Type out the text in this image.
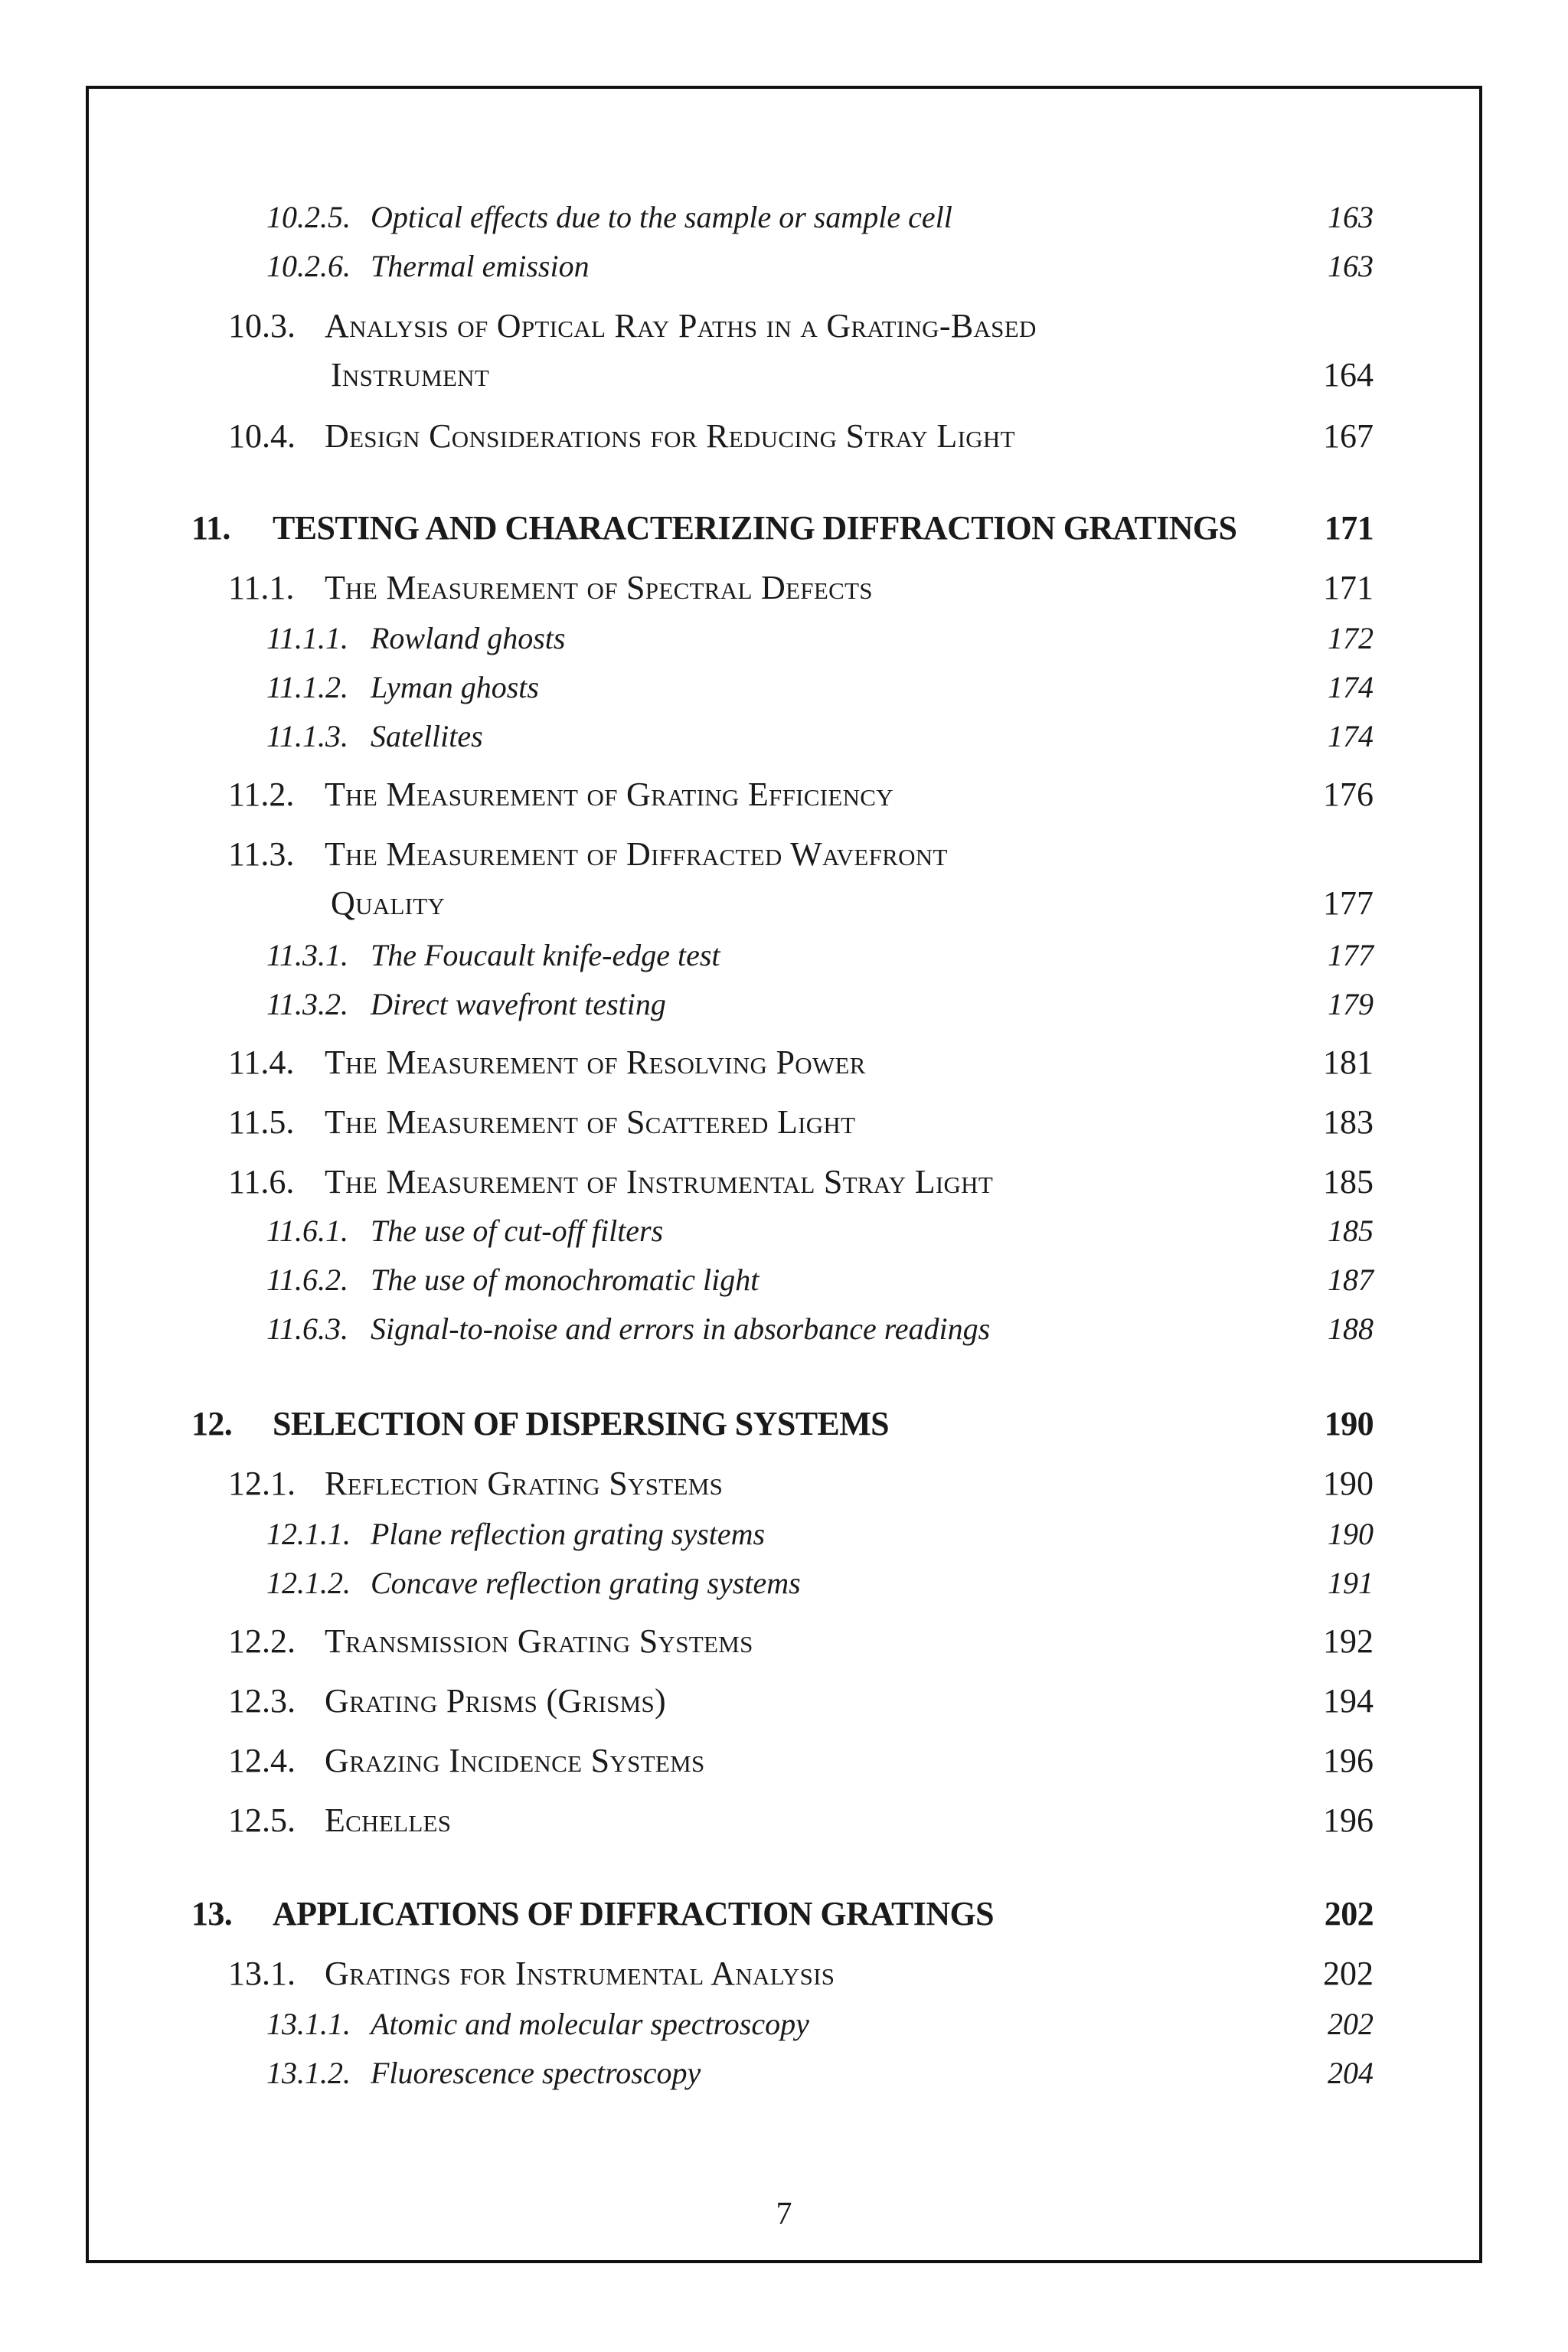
10.2.5. Optical effects due to the sample or sample cell	163
10.2.6. Thermal emission	163
10.3. Analysis of Optical Ray Paths in a Grating-Based
Instrument	164
10.4. Design Considerations for Reducing Stray Light	167
11. TESTING AND CHARACTERIZING DIFFRACTION GRATINGS	171
11.1. The Measurement of Spectral Defects	171
11.1.1. Rowland ghosts	172
11.1.2. Lyman ghosts	174
11.1.3. Satellites	174
11.2. The Measurement of Grating Efficiency	176
11.3. The Measurement of Diffracted Wavefront
Quality	177
11.3.1. The Foucault knife-edge test	177
11.3.2. Direct wavefront testing	179
11.4. The Measurement of Resolving Power	181
11.5. The Measurement of Scattered Light	183
11.6. The Measurement of Instrumental Stray Light	185
11.6.1. The use of cut-off filters	185
11.6.2. The use of monochromatic light	187
11.6.3. Signal-to-noise and errors in absorbance readings	188
12. SELECTION OF DISPERSING SYSTEMS	190
12.1. Reflection Grating Systems	190
12.1.1. Plane reflection grating systems	190
12.1.2. Concave reflection grating systems	191
12.2. Transmission Grating Systems	192
12.3. Grating Prisms (Grisms)	194
12.4. Grazing Incidence Systems	196
12.5. Echelles	196
13. APPLICATIONS OF DIFFRACTION GRATINGS	202
13.1. Gratings for Instrumental Analysis	202
13.1.1. Atomic and molecular spectroscopy	202
13.1.2. Fluorescence spectroscopy	204
7
